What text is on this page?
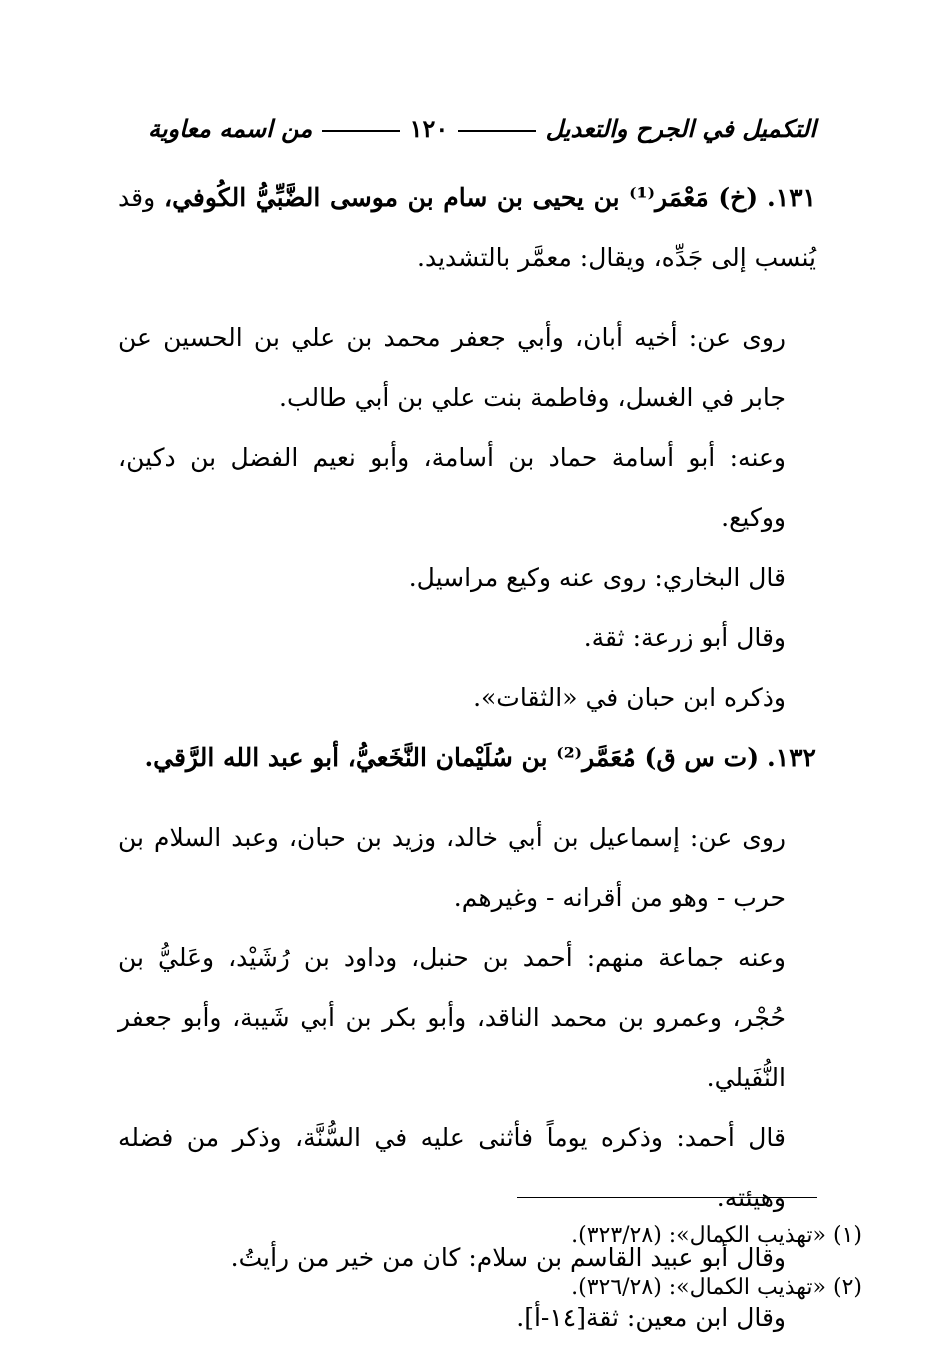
التكميل في الجرح والتعديل
١٢٠
من اسمه معاوية

١٣١. (خ) مَعْمَر⁽¹⁾ بن يحيى بن سام بن موسى الضَّبِّيُّ الكُوفي، وقد يُنسب إلى جَدِّه، ويقال: معمَّر بالتشديد.

روى عن: أخيه أبان، وأبي جعفر محمد بن علي بن الحسين عن جابر في الغسل، وفاطمة بنت علي بن أبي طالب.

وعنه: أبو أسامة حماد بن أسامة، وأبو نعيم الفضل بن دكين، ووكيع.

قال البخاري: روى عنه وكيع مراسيل.

وقال أبو زرعة: ثقة.

وذكره ابن حبان في «الثقات».

١٣٢. (ت س ق) مُعَمَّر⁽²⁾ بن سُلَيْمان النَّخَعيُّ، أبو عبد الله الرَّقي.

روى عن: إسماعيل بن أبي خالد، وزيد بن حبان، وعبد السلام بن حرب - وهو من أقرانه - وغيرهم.

وعنه جماعة منهم: أحمد بن حنبل، وداود بن رُشَيْد، وعَليُّ بن حُجْر، وعمرو بن محمد الناقد، وأبو بكر بن أبي شَيبة، وأبو جعفر النُّفَيلي.

قال أحمد: وذكره يوماً فأثنى عليه في السُّنَّة، وذكر من فضله وهيئته.

وقال أبو عبيد القاسم بن سلام: كان من خير من رأيتُ.

وقال ابن معين: ثقة[١٤-أ].

(١) «تهذيب الكمال»: (٣٢٣/٢٨).

(٢) «تهذيب الكمال»: (٣٢٦/٢٨).
